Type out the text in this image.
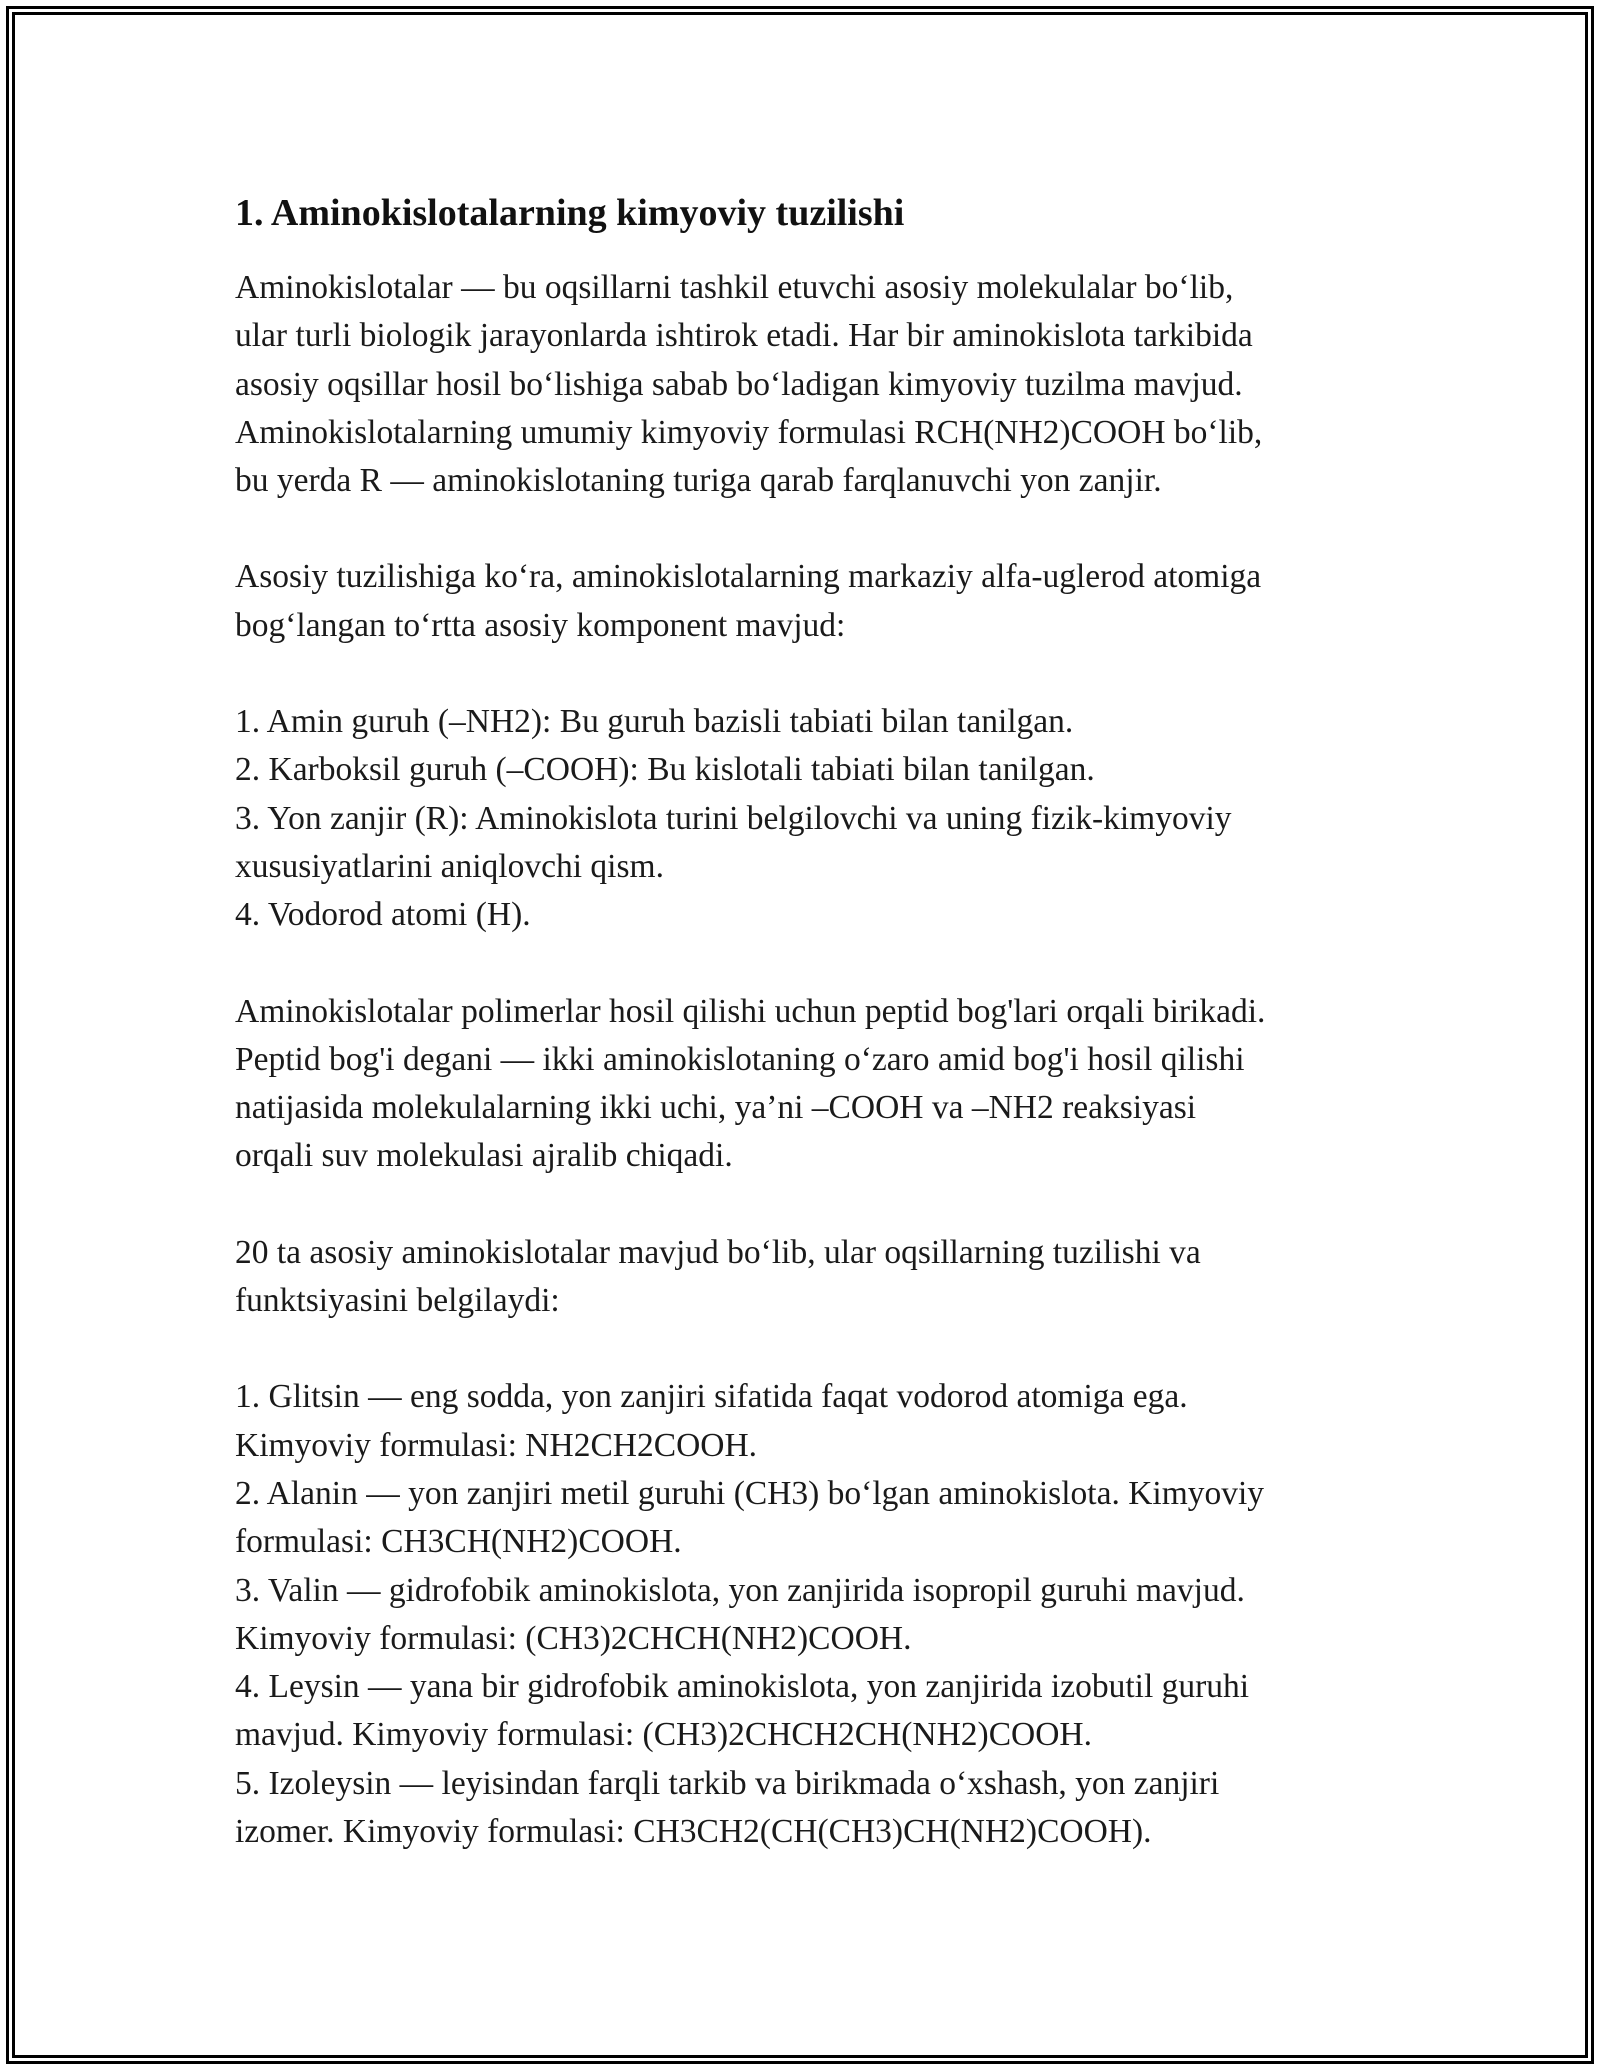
1. Aminokislotalarning kimyoviy tuzilishi

Aminokislotalar — bu oqsillarni tashkil etuvchi asosiy molekulalar bo‘lib,
ular turli biologik jarayonlarda ishtirok etadi. Har bir aminokislota tarkibida
asosiy oqsillar hosil bo‘lishiga sabab bo‘ladigan kimyoviy tuzilma mavjud.
Aminokislotalarning umumiy kimyoviy formulasi RCH(NH2)COOH bo‘lib,
bu yerda R — aminokislotaning turiga qarab farqlanuvchi yon zanjir.

Asosiy tuzilishiga ko‘ra, aminokislotalarning markaziy alfa-uglerod atomiga
bog‘langan to‘rtta asosiy komponent mavjud:

1. Amin guruh (–NH2): Bu guruh bazisli tabiati bilan tanilgan.
2. Karboksil guruh (–COOH): Bu kislotali tabiati bilan tanilgan.
3. Yon zanjir (R): Aminokislota turini belgilovchi va uning fizik-kimyoviy
xususiyatlarini aniqlovchi qism.
4. Vodorod atomi (H).

Aminokislotalar polimerlar hosil qilishi uchun peptid bog'lari orqali birikadi.
Peptid bog'i degani — ikki aminokislotaning o‘zaro amid bog'i hosil qilishi
natijasida molekulalarning ikki uchi, ya’ni –COOH va –NH2 reaksiyasi
orqali suv molekulasi ajralib chiqadi.

20 ta asosiy aminokislotalar mavjud bo‘lib, ular oqsillarning tuzilishi va
funktsiyasini belgilaydi:

1. Glitsin — eng sodda, yon zanjiri sifatida faqat vodorod atomiga ega.
Kimyoviy formulasi: NH2CH2COOH.
2. Alanin — yon zanjiri metil guruhi (CH3) bo‘lgan aminokislota. Kimyoviy
formulasi: CH3CH(NH2)COOH.
3. Valin — gidrofobik aminokislota, yon zanjirida isopropil guruhi mavjud.
Kimyoviy formulasi: (CH3)2CHCH(NH2)COOH.
4. Leysin — yana bir gidrofobik aminokislota, yon zanjirida izobutil guruhi
mavjud. Kimyoviy formulasi: (CH3)2CHCH2CH(NH2)COOH.
5. Izoleysin — leyisindan farqli tarkib va birikmada o‘xshash, yon zanjiri
izomer. Kimyoviy formulasi: CH3CH2(CH(CH3)CH(NH2)COOH).
